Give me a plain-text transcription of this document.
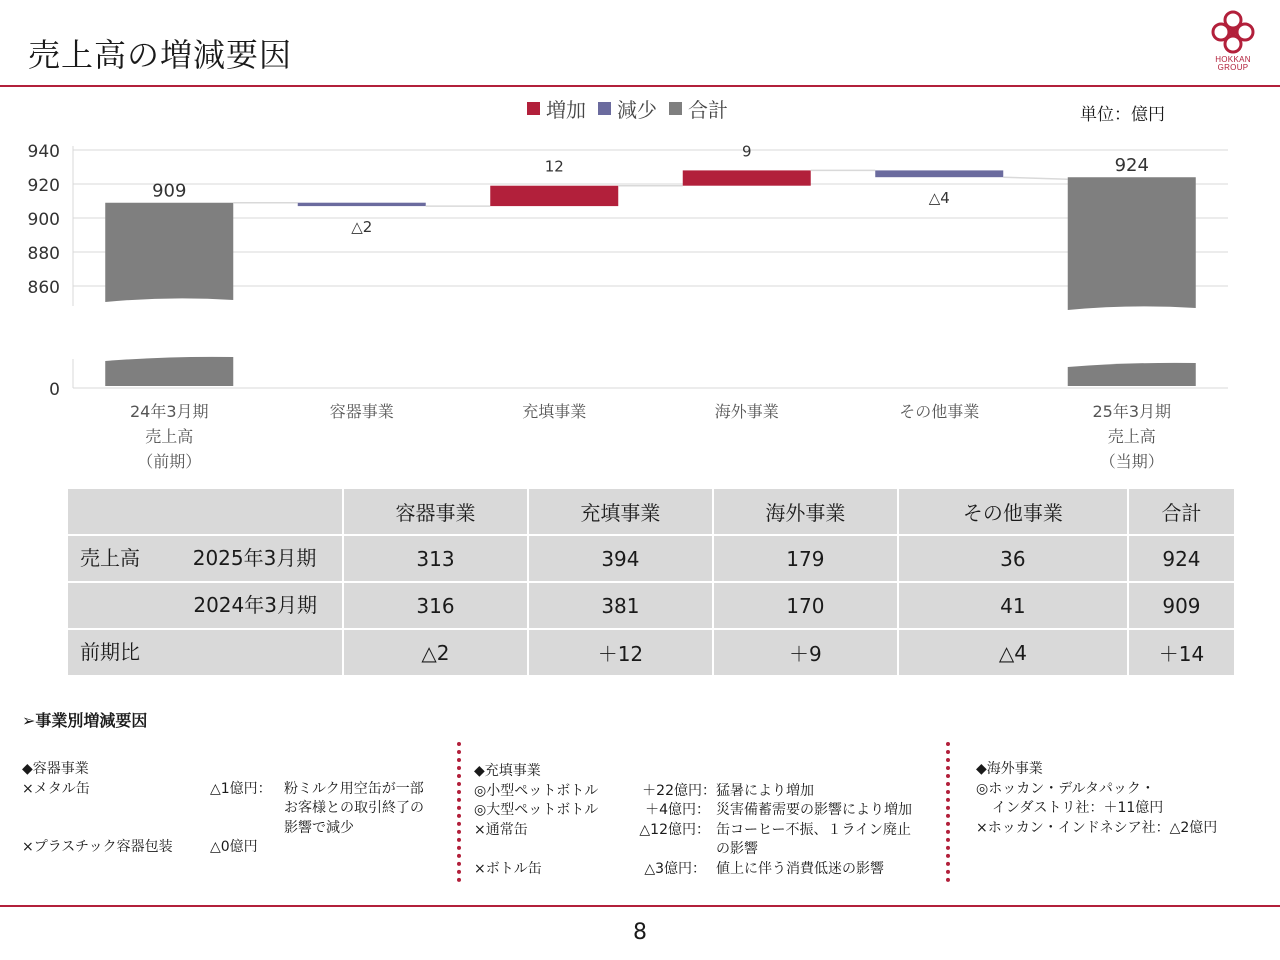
売上高の増減要因	HOKKAN
GROUP
増加 減少 合計	単位：億円
940
920
900
880
860
0
909
24年3月期
売上高
（前期）
△2
容器事業
12
充填事業
9
海外事業
△4
その他事業
924
25年3月期
売上高
（当期）
	容器事業	充填事業	海外事業	その他事業	合計
売上高 2025年3月期	313	394	179	36	924
2024年3月期	316	381	170	41	909
前期比	△2	＋12	＋9	△4	＋14
➢事業別増減要因
◆容器事業
×メタル缶	△1億円： 粉ミルク用空缶が一部
お客様との取引終了の
影響で減少
×プラスチック容器包装	△0億円
◆充填事業
◎小型ペットボトル	＋22億円： 猛暑により増加
◎大型ペットボトル	＋4億円： 災害備蓄需要の影響により増加
×通常缶	△12億円： 缶コーヒー不振、１ライン廃止
の影響
×ボトル缶	△3億円： 値上に伴う消費低迷の影響
◆海外事業
◎ホッカン・デルタパック・
インダストリ社：＋11億円
×ホッカン・インドネシア社：△2億円
8
